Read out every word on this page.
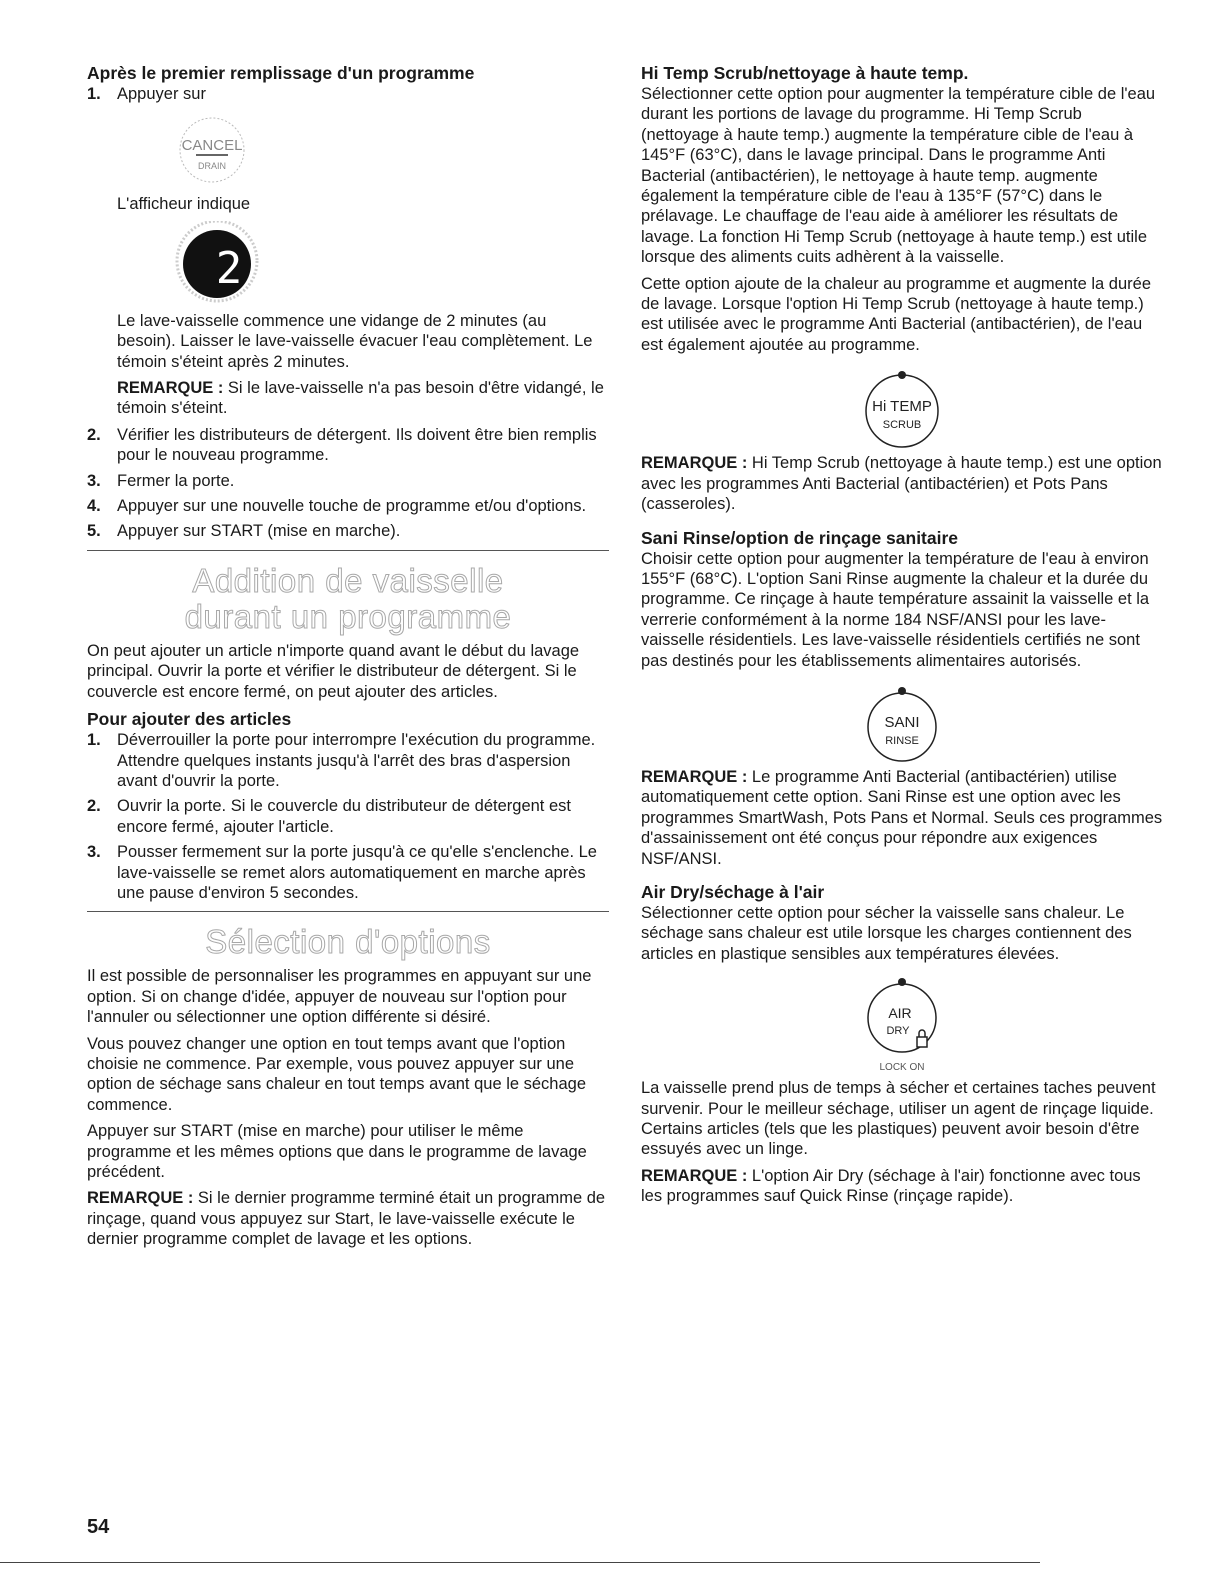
Après le premier remplissage d'un programme
1. Appuyer sur
CANCEL
DRAIN

L'afficheur indique

2

Le lave-vaisselle commence une vidange de 2 minutes (au besoin). Laisser le lave-vaisselle évacuer l'eau complètement. Le témoin s'éteint après 2 minutes.

REMARQUE : Si le lave-vaisselle n'a pas besoin d'être vidangé, le témoin s'éteint.

2. Vérifier les distributeurs de détergent. Ils doivent être bien remplis pour le nouveau programme.
3. Fermer la porte.
4. Appuyer sur une nouvelle touche de programme et/ou d'options.
5. Appuyer sur START (mise en marche).
Addition de vaisselle
durant un programme

On peut ajouter un article n'importe quand avant le début du lavage principal. Ouvrir la porte et vérifier le distributeur de détergent. Si le couvercle est encore fermé, on peut ajouter des articles.

Pour ajouter des articles
1. Déverrouiller la porte pour interrompre l'exécution du programme. Attendre quelques instants jusqu'à l'arrêt des bras d'aspersion avant d'ouvrir la porte.
2. Ouvrir la porte. Si le couvercle du distributeur de détergent est encore fermé, ajouter l'article.
3. Pousser fermement sur la porte jusqu'à ce qu'elle s'enclenche. Le lave-vaisselle se remet alors automatiquement en marche après une pause d'environ 5 secondes.
Sélection d'options

Il est possible de personnaliser les programmes en appuyant sur une option. Si on change d'idée, appuyer de nouveau sur l'option pour l'annuler ou sélectionner une option différente si désiré.

Vous pouvez changer une option en tout temps avant que l'option choisie ne commence. Par exemple, vous pouvez appuyer sur une option de séchage sans chaleur en tout temps avant que le séchage commence.

Appuyer sur START (mise en marche) pour utiliser le même programme et les mêmes options que dans le programme de lavage précédent.

REMARQUE : Si le dernier programme terminé était un programme de rinçage, quand vous appuyez sur Start, le lave-vaisselle exécute le dernier programme complet de lavage et les options.

Hi Temp Scrub/nettoyage à haute temp.

Sélectionner cette option pour augmenter la température cible de l'eau durant les portions de lavage du programme. Hi Temp Scrub (nettoyage à haute temp.) augmente la température cible de l'eau à 145°F (63°C), dans le lavage principal. Dans le programme Anti Bacterial (antibactérien), le nettoyage à haute temp. augmente également la température cible de l'eau à 135°F (57°C) dans le prélavage. Le chauffage de l'eau aide à améliorer les résultats de lavage. La fonction Hi Temp Scrub (nettoyage à haute temp.) est utile lorsque des aliments cuits adhèrent à la vaisselle.

Cette option ajoute de la chaleur au programme et augmente la durée de lavage. Lorsque l'option Hi Temp Scrub (nettoyage à haute temp.) est utilisée avec le programme Anti Bacterial (antibactérien), de l'eau est également ajoutée au programme.

Hi TEMP
SCRUB

REMARQUE : Hi Temp Scrub (nettoyage à haute temp.) est une option avec les programmes Anti Bacterial (antibactérien) et Pots Pans (casseroles).

Sani Rinse/option de rinçage sanitaire

Choisir cette option pour augmenter la température de l'eau à environ 155°F (68°C). L'option Sani Rinse augmente la chaleur et la durée du programme. Ce rinçage à haute température assainit la vaisselle et la verrerie conformément à la norme 184 NSF/ANSI pour les lave-vaisselle résidentiels. Les lave-vaisselle résidentiels certifiés ne sont pas destinés pour les établissements alimentaires autorisés.

SANI
RINSE

REMARQUE : Le programme Anti Bacterial (antibactérien) utilise automatiquement cette option. Sani Rinse est une option avec les programmes SmartWash, Pots Pans et Normal. Seuls ces programmes d'assainissement ont été conçus pour répondre aux exigences NSF/ANSI.

Air Dry/séchage à l'air

Sélectionner cette option pour sécher la vaisselle sans chaleur. Le séchage sans chaleur est utile lorsque les charges contiennent des articles en plastique sensibles aux températures élevées.

AIR
DRY
LOCK ON

La vaisselle prend plus de temps à sécher et certaines taches peuvent survenir. Pour le meilleur séchage, utiliser un agent de rinçage liquide. Certains articles (tels que les plastiques) peuvent avoir besoin d'être essuyés avec un linge.

REMARQUE : L'option Air Dry (séchage à l'air) fonctionne avec tous les programmes sauf Quick Rinse (rinçage rapide).

54
